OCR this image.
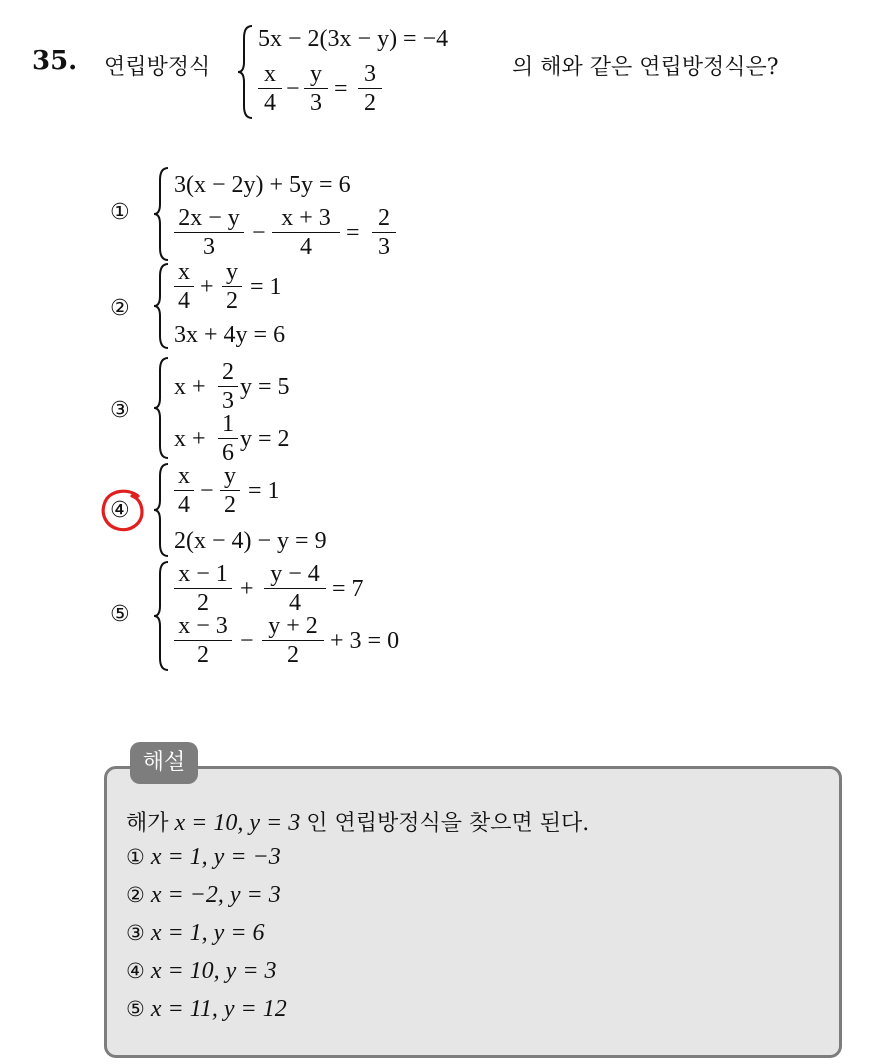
35. 연립방정식
5x − 2(3x − y) = −4
x
4
−
y
3
=
3
2
의 해와 같은 연립방정식은?
①
3(x − 2y) + 5y = 6
2x − y
3
−
x + 3
4
=
2
3
②
x
4
+
y
2
= 1
3x + 4y = 6
③
x +
2
3
y = 5
x +
1
6
y = 2
④
x
4
−
y
2
= 1
2(x − 4) − y = 9
⑤
x − 1
2
+
y − 4
4
= 7
x − 3
2
−
y + 2
2
+ 3 = 0
해설
해가 x = 10, y = 3 인 연립방정식을 찾으면 된다.
① x = 1, y = −3
② x = −2, y = 3
③ x = 1, y = 6
④ x = 10, y = 3
⑤ x = 11, y = 12
